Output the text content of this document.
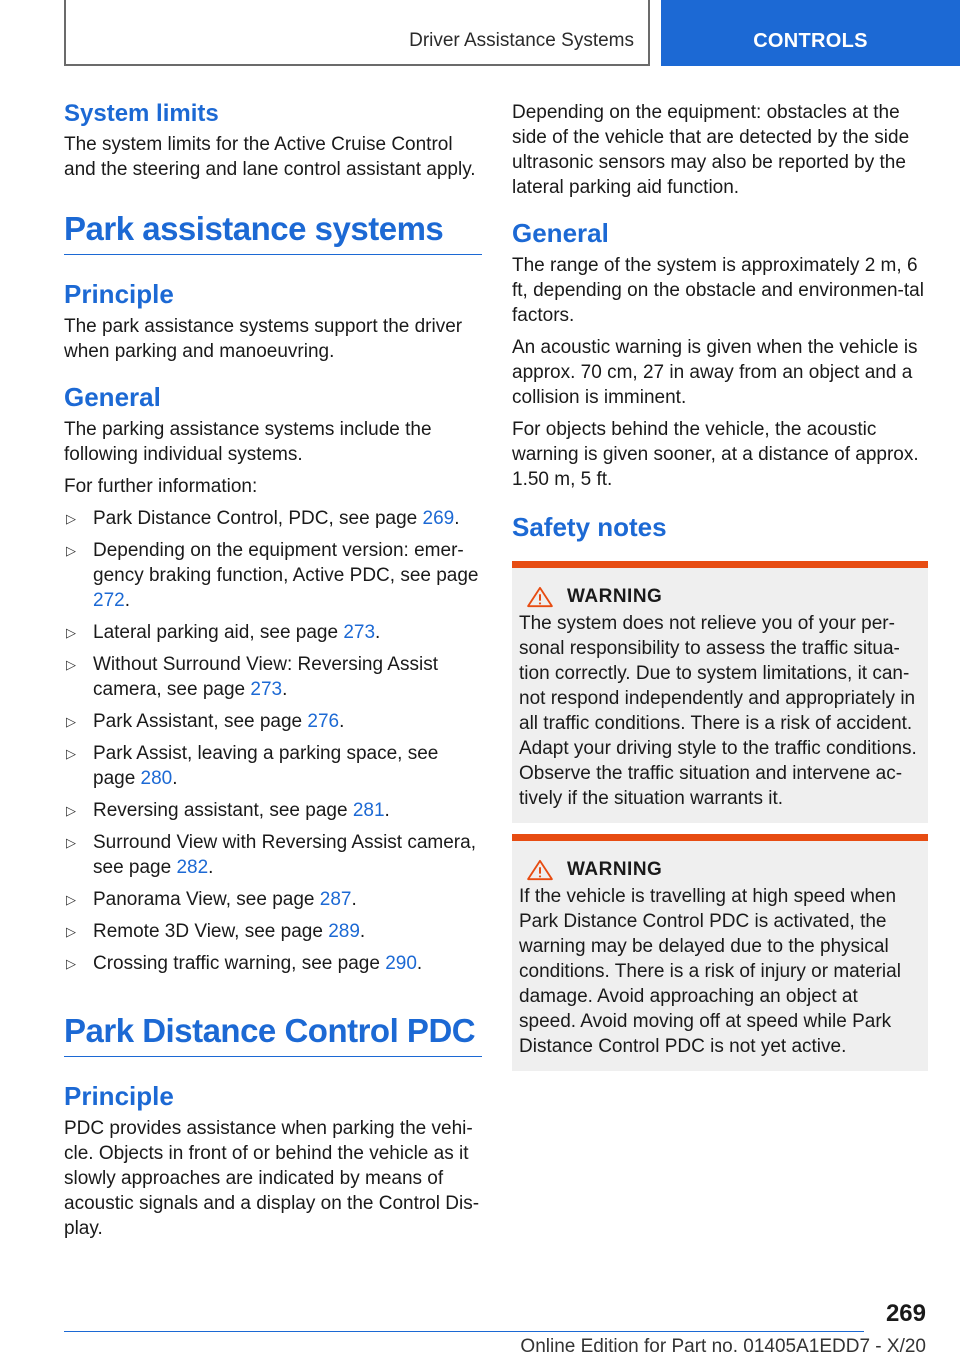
Driver Assistance Systems	CONTROLS
System limits

The system limits for the Active Cruise Control and the steering and lane control assistant apply.

Park assistance systems
Principle

The park assistance systems support the driver when parking and manoeuvring.

General

The parking assistance systems include the following individual systems.

For further information:

▷ Park Distance Control, PDC, see page 269.
▷ Depending on the equipment version: emer-gency braking function, Active PDC, see page 272.
▷ Lateral parking aid, see page 273.
▷ Without Surround View: Reversing Assist camera, see page 273.
▷ Park Assistant, see page 276.
▷ Park Assist, leaving a parking space, see page 280.
▷ Reversing assistant, see page 281.
▷ Surround View with Reversing Assist camera, see page 282.
▷ Panorama View, see page 287.
▷ Remote 3D View, see page 289.
▷ Crossing traffic warning, see page 290.
Park Distance Control PDC
Principle

PDC provides assistance when parking the vehi-cle. Objects in front of or behind the vehicle as it slowly approaches are indicated by means of acoustic signals and a display on the Control Dis-play.

Depending on the equipment: obstacles at the side of the vehicle that are detected by the side ultrasonic sensors may also be reported by the lateral parking aid function.

General

The range of the system is approximately 2 m, 6 ft, depending on the obstacle and environmen-tal factors.

An acoustic warning is given when the vehicle is approx. 70 cm, 27 in away from an object and a collision is imminent.

For objects behind the vehicle, the acoustic warning is given sooner, at a distance of approx. 1.50 m, 5 ft.

Safety notes
WARNING

The system does not relieve you of your per-sonal responsibility to assess the traffic situa-tion correctly. Due to system limitations, it can-not respond independently and appropriately in all traffic conditions. There is a risk of accident. Adapt your driving style to the traffic conditions. Observe the traffic situation and intervene ac-tively if the situation warrants it.

WARNING

If the vehicle is travelling at high speed when Park Distance Control PDC is activated, the warning may be delayed due to the physical conditions. There is a risk of injury or material damage. Avoid approaching an object at speed. Avoid moving off at speed while Park Distance Control PDC is not yet active.

269
Online Edition for Part no. 01405A1EDD7 - X/20
